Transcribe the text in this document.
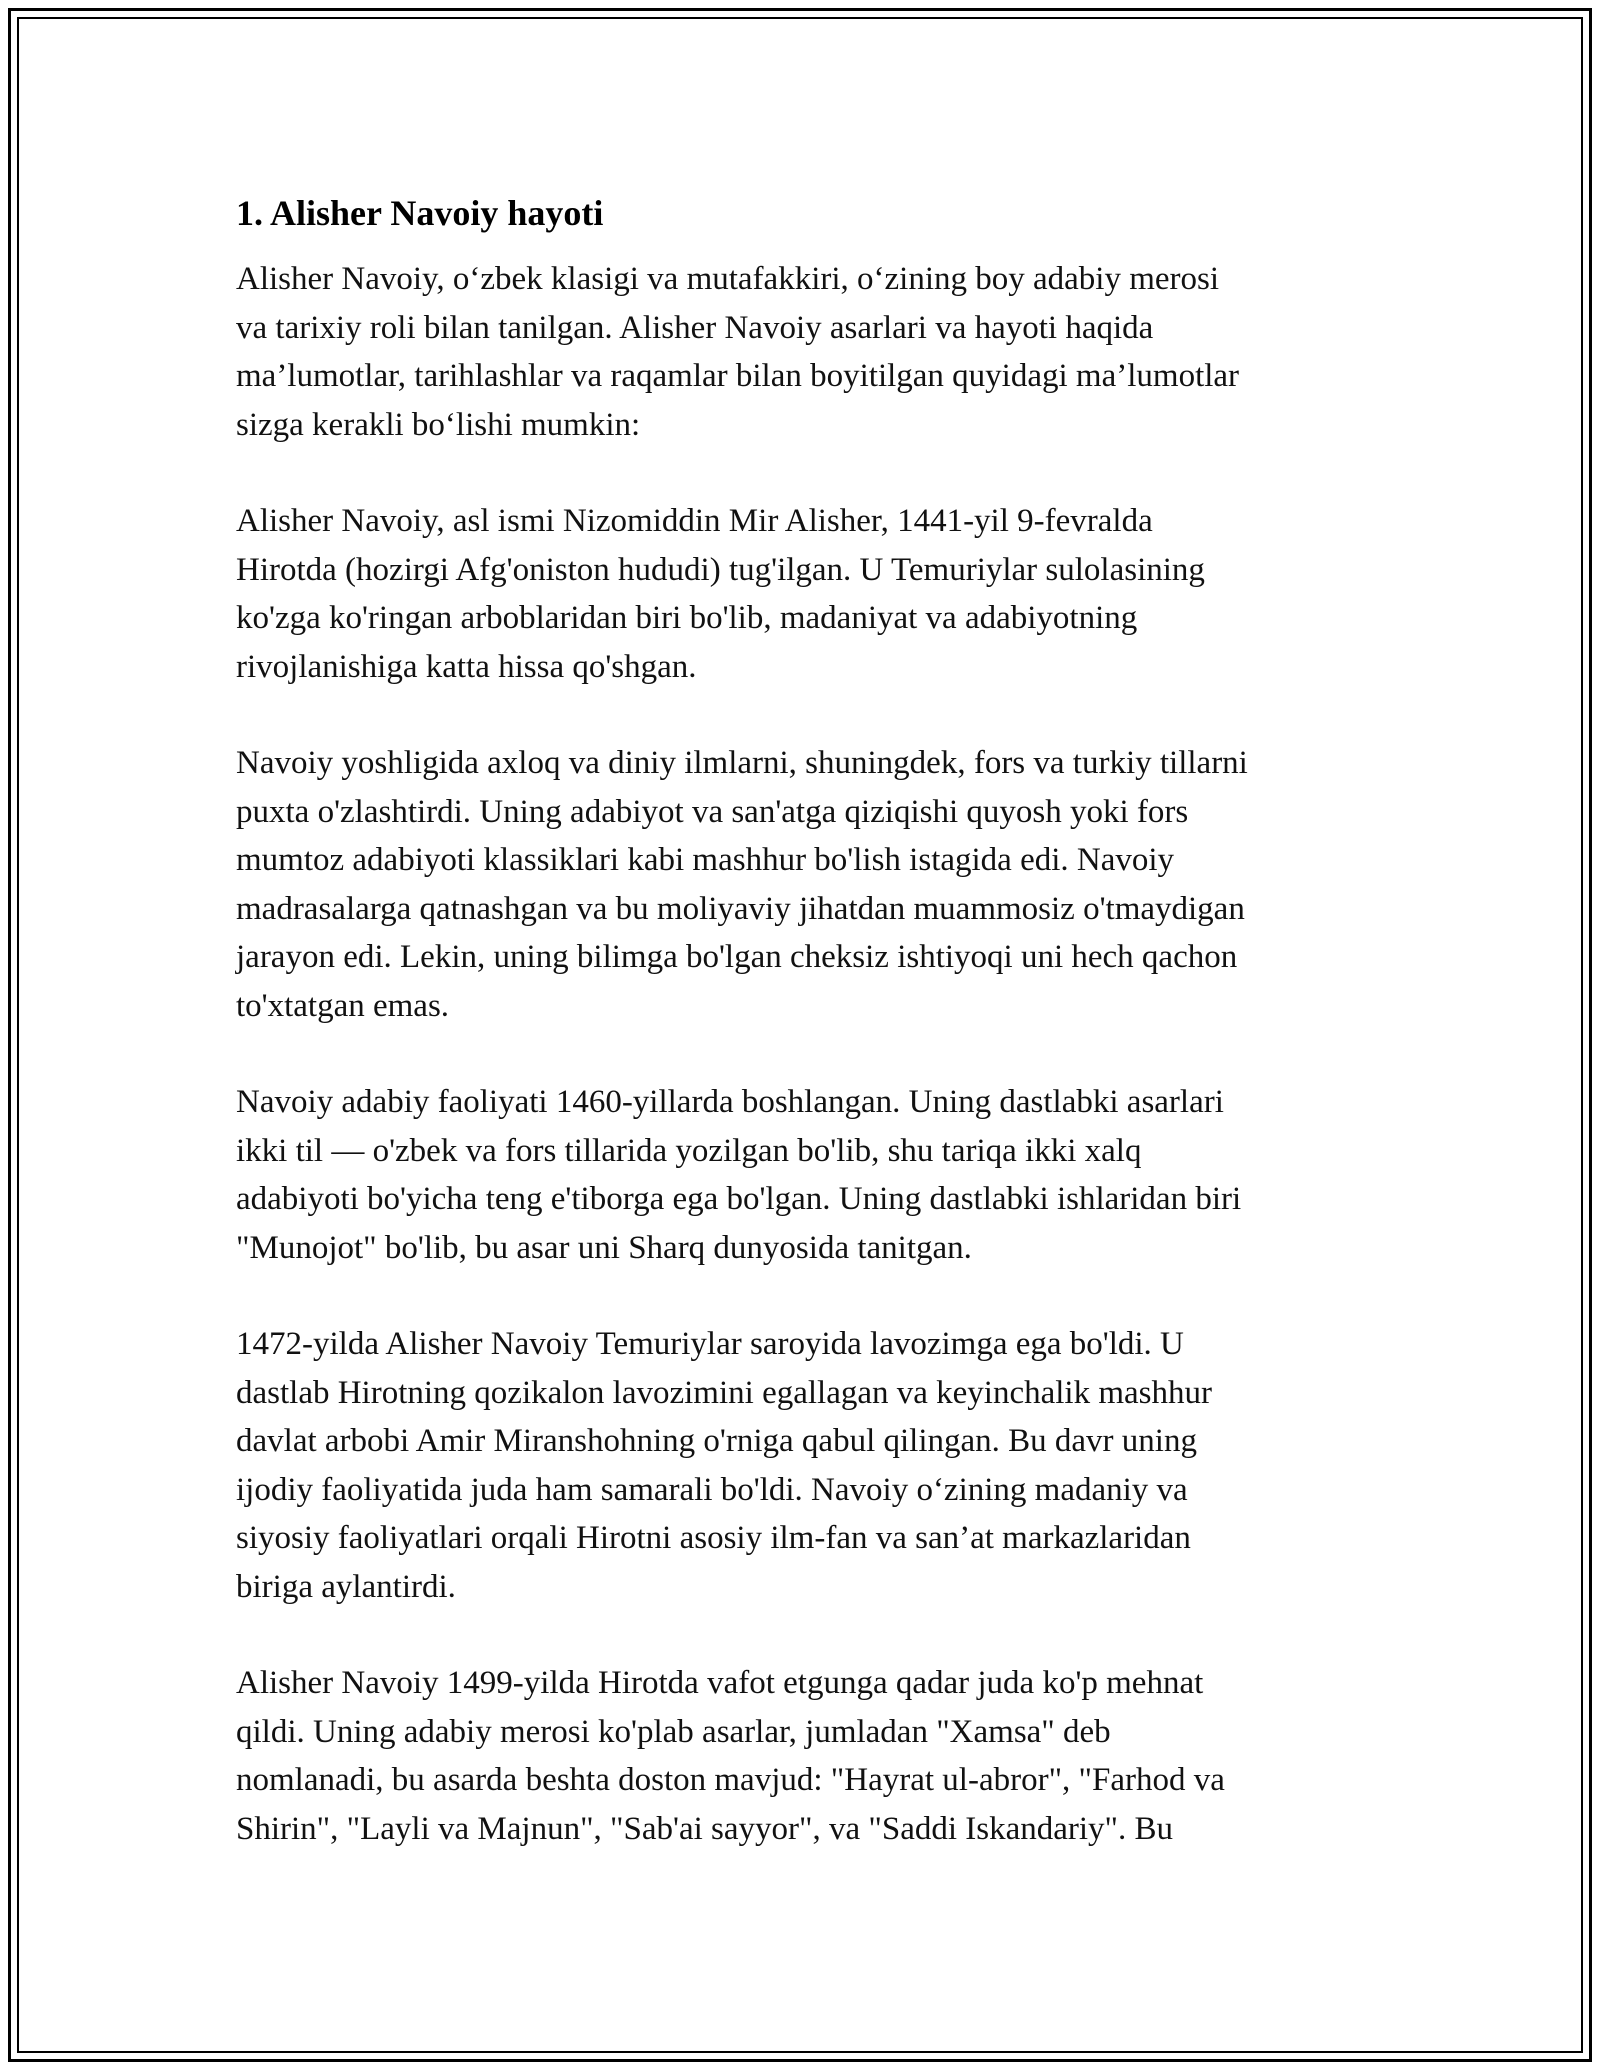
1. Alisher Navoiy hayoti
Alisher Navoiy, o‘zbek klasigi va mutafakkiri, o‘zining boy adabiy merosi
va tarixiy roli bilan tanilgan. Alisher Navoiy asarlari va hayoti haqida
ma’lumotlar, tarihlashlar va raqamlar bilan boyitilgan quyidagi ma’lumotlar
sizga kerakli bo‘lishi mumkin:
Alisher Navoiy, asl ismi Nizomiddin Mir Alisher, 1441-yil 9-fevralda
Hirotda (hozirgi Afg'oniston hududi) tug'ilgan. U Temuriylar sulolasining
ko'zga ko'ringan arboblaridan biri bo'lib, madaniyat va adabiyotning
rivojlanishiga katta hissa qo'shgan.
Navoiy yoshligida axloq va diniy ilmlarni, shuningdek, fors va turkiy tillarni
puxta o'zlashtirdi. Uning adabiyot va san'atga qiziqishi quyosh yoki fors
mumtoz adabiyoti klassiklari kabi mashhur bo'lish istagida edi. Navoiy
madrasalarga qatnashgan va bu moliyaviy jihatdan muammosiz o'tmaydigan
jarayon edi. Lekin, uning bilimga bo'lgan cheksiz ishtiyoqi uni hech qachon
to'xtatgan emas.
Navoiy adabiy faoliyati 1460-yillarda boshlangan. Uning dastlabki asarlari
ikki til — o'zbek va fors tillarida yozilgan bo'lib, shu tariqa ikki xalq
adabiyoti bo'yicha teng e'tiborga ega bo'lgan. Uning dastlabki ishlaridan biri
"Munojot" bo'lib, bu asar uni Sharq dunyosida tanitgan.
1472-yilda Alisher Navoiy Temuriylar saroyida lavozimga ega bo'ldi. U
dastlab Hirotning qozikalon lavozimini egallagan va keyinchalik mashhur
davlat arbobi Amir Miranshohning o'rniga qabul qilingan. Bu davr uning
ijodiy faoliyatida juda ham samarali bo'ldi. Navoiy o‘zining madaniy va
siyosiy faoliyatlari orqali Hirotni asosiy ilm-fan va san’at markazlaridan
biriga aylantirdi.
Alisher Navoiy 1499-yilda Hirotda vafot etgunga qadar juda ko'p mehnat
qildi. Uning adabiy merosi ko'plab asarlar, jumladan "Xamsa" deb
nomlanadi, bu asarda beshta doston mavjud: "Hayrat ul-abror", "Farhod va
Shirin", "Layli va Majnun", "Sab'ai sayyor", va "Saddi Iskandariy". Bu
